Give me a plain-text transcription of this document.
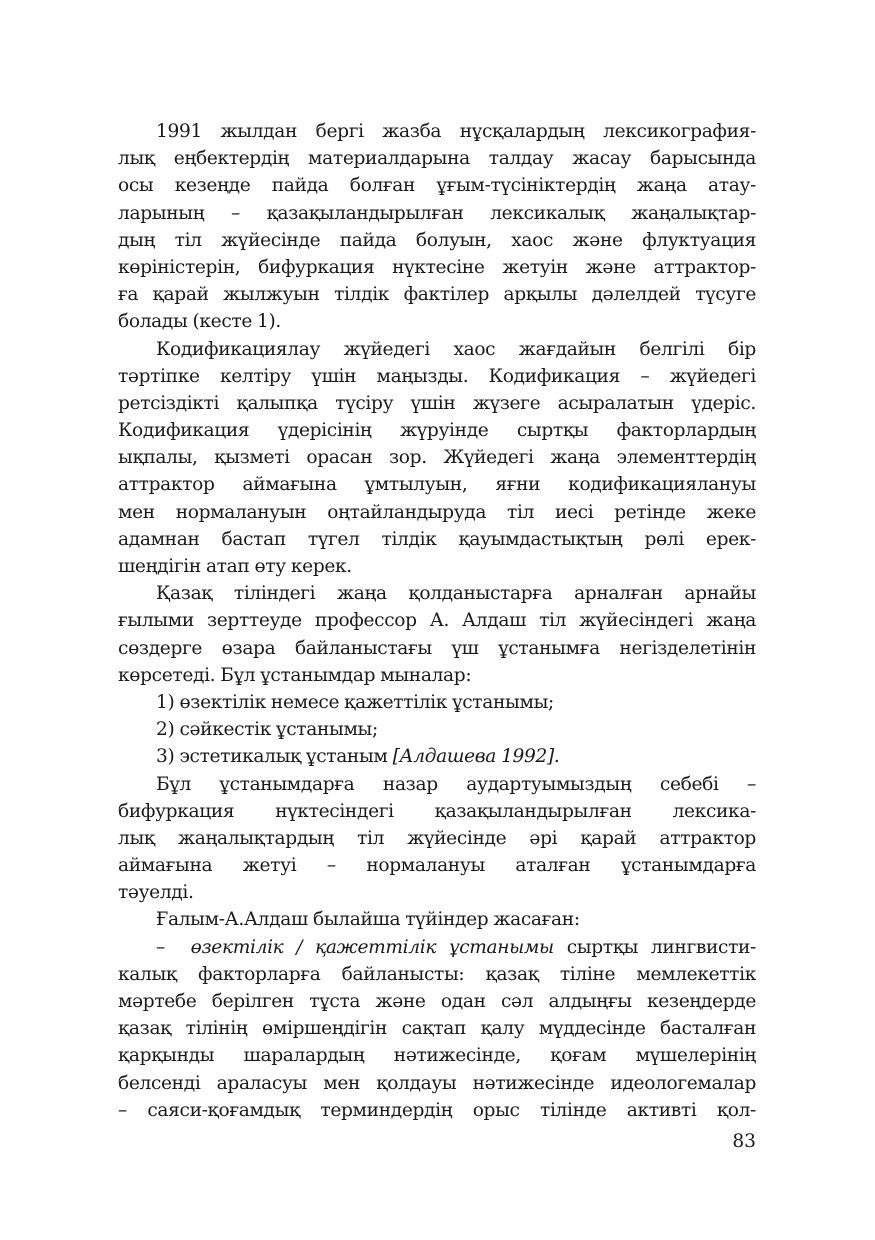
1991 жылдан бергі жазба нұсқалардың лексикография-
лық еңбектердің материалдарына талдау жасау барысында
осы кезеңде пайда болған ұғым-түсініктердің жаңа атау-
ларының – қазақыландырылған лексикалық жаңалықтар-
дың тіл жүйесінде пайда болуын, хаос және флуктуация
көріністерін, бифуркация нүктесіне жетуін және аттрактор-
ға қарай жылжуын тілдік фактілер арқылы дәлелдей түсуге
болады (кесте 1).
Кодификациялау жүйедегі хаос жағдайын белгілі бір
тәртіпке келтіру үшін маңызды. Кодификация – жүйедегі
ретсіздікті қалыпқа түсіру үшін жүзеге асыралатын үдеріс.
Кодификация үдерісінің жүруінде сыртқы факторлардың
ықпалы, қызметі орасан зор. Жүйедегі жаңа элементтердің
аттрактор аймағына ұмтылуын, яғни кодификациялануы
мен нормалануын оңтайландыруда тіл иесі ретінде жеке
адамнан бастап түгел тілдік қауымдастықтың рөлі ерек-
шеңдігін атап өту керек.
Қазақ тіліндегі жаңа қолданыстарға арналған арнайы
ғылыми зерттеуде профессор А. Алдаш тіл жүйесіндегі жаңа
сөздерге өзара байланыстағы үш ұстанымға негізделетінін
көрсетеді. Бұл ұстанымдар мыналар:
1) өзектілік немесе қажеттілік ұстанымы;
2) сәйкестік ұстанымы;
3) эстетикалық ұстаным [Алдашева 1992].
Бұл ұстанымдарға назар аудартуымыздың себебі –
бифуркация нүктесіндегі қазақыландырылған лексика-
лық жаңалықтардың тіл жүйесінде әрі қарай аттрактор
аймағына жетуі – нормалануы аталған ұстанымдарға
тәуелді.
Ғалым-А.Алдаш былайша түйіндер жасаған:
– өзектілік / қажеттілік ұстанымы сыртқы лингвисти-
калық факторларға байланысты: қазақ тіліне мемлекеттік
мәртебе берілген тұста және одан сәл алдыңғы кезеңдерде
қазақ тілінің өміршеңдігін сақтап қалу мүддесінде басталған
қарқынды шаралардың нәтижесінде, қоғам мүшелерінің
белсенді араласуы мен қолдауы нәтижесінде идеологемалар
– саяси-қоғамдық терминдердің орыс тілінде активті қол-
83
